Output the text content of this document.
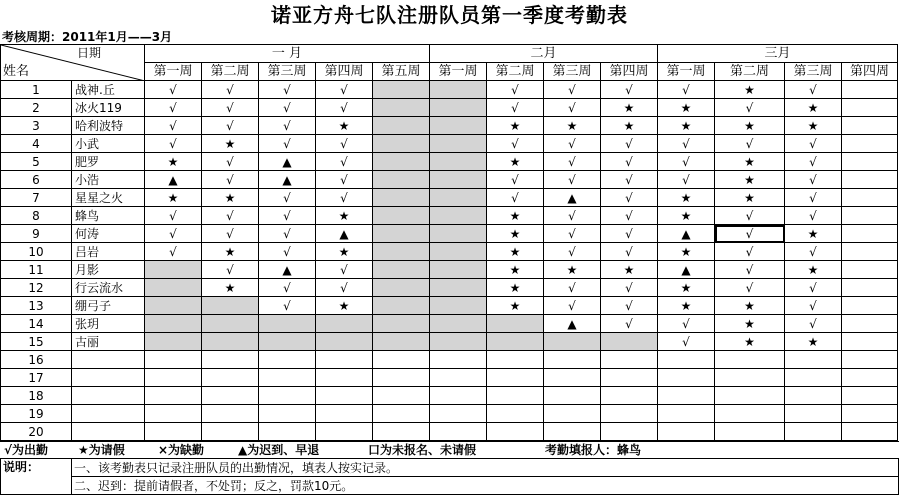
诺亚方舟七队注册队员第一季度考勤表
考核周期：2011年1月——3月
日期
姓名		一 月					二月				三月			
		第一周	第二周	第三周	第四周	第五周	第一周	第二周	第三周	第四周	第一周	第二周	第三周	第四周
1	战神.丘	√	√	√	√			√	√	√	√	★	√	
2	冰火119	√	√	√	√			√	√	★	★	√	★	
3	哈利波特	√	√	√	★			★	★	★	★	★	★	
4	小武	√	★	√	√			√	√	√	√	√	√	
5	肥罗	★	√	▲	√			★	√	√	√	★	√	
6	小浩	▲	√	▲	√			√	√	√	√	★	√	
7	星星之火	★	★	√	√			√	▲	√	★	★	√	
8	蜂鸟	√	√	√	★			★	√	√	★	√	√	
9	何涛	√	√	√	▲			★	√	√	▲	√	★	
10	吕岩	√	★	√	★			★	√	√	★	√	√	
11	月影		√	▲	√			★	★	★	▲	√	★	
12	行云流水		★	√	√			★	√	√	★	√	√	
13	绷弓子			√	★			★	√	√	★	★	√	
14	张玥								▲	√	√	★	√	
15	古丽										√	★	★	
16														
17														
18														
19														
20														
√为出勤 ★为请假	×为缺勤	▲为迟到、早退	口为未报名、未请假	考勤填报人：蜂鸟
说明：	一、该考勤表只记录注册队员的出勤情况，填表人按实记录。
二、迟到：提前请假者，不处罚；反之，罚款10元。
